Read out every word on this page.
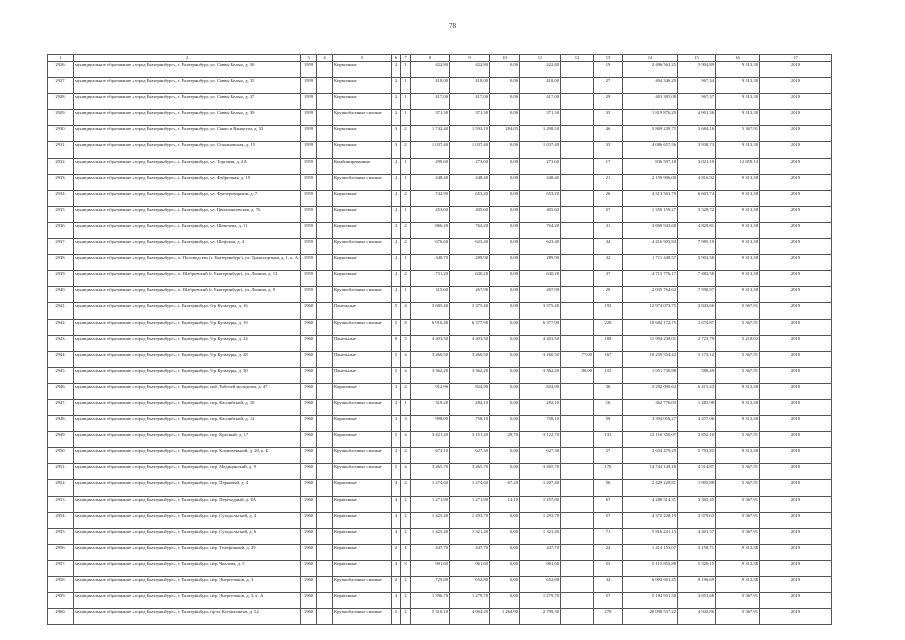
78
1	2	3	4	5	6	7	8	9	10	11	12	13	14	15	16	17
2926.	муниципальное образование «город Екатеринбург», г. Екатеринбург, ул. Саввы Белых, д. 30	1959		Кирпичные	2	1	422,80	422,80	0,00	422,80		19	2 496 562,25	5 904,89	9 313,38	2019
2927.	муниципальное образование «город Екатеринбург», г. Екатеринбург, ул. Саввы Белых, д. 35	1959		Кирпичные	2	1	418,00	418,00	0,00	418,00		27	404 346,29	967,34	9 313,38	2019
2928.	муниципальное образование «город Екатеринбург», г. Екатеринбург, ул. Саввы Белых, д. 37	1959		Кирпичные	2	1	417,00	417,00	0,00	417,00		29	403 395,08	967,37	9 313,38	2019
2929.	муниципальное образование «город Екатеринбург», г. Екатеринбург, ул. Саввы Белых, д. 39	1959		Крупноблочные силикат	2	1	371,30	371,30	0,00	371,30		35	1 819 876,29	4 901,36	9 313,38	2019
2930.	муниципальное образование «город Екатеринбург», г. Екатеринбург, ул. Сакко и Ванцетти, д. 33	1959		Кирпичные	3	2	1 742,40	1 593,10	284,05	1 298,50		46	5 869 239,75	3 684,16	5 367,91	2019
2931.	муниципальное образование «город Екатеринбург», г. Екатеринбург, ул. Стахановская, д. 15	1959		Кирпичные	3	2	1 037,40	1 037,40	0,00	1 037,40		33	4 086 657,56	3 938,73	9 313,38	2019
2932.	муниципальное образование «город Екатеринбург», г. Екатеринбург, ул. Торговая, д. 2А	1959		Комбинированные	2	1	299,60	273,60	0,00	273,60		17	836 597,18	3 021,19	12 859,13	2019
2933.	муниципальное образование «город Екатеринбург», г. Екатеринбург, ул. Фабричная, д. 19	1959		Крупноблочные силикат	2	1	448,40	448,40	0,00	448,40		21	2 159 906,00	4 816,92	9 313,38	2019
2934.	муниципальное образование «город Екатеринбург», г. Екатеринбург, ул. Фрезеровщиков, д. 7	1959		Кирпичные	2	2	742,90	653,20	0,00	653,20		26	4 313 563,79	6 603,74	9 313,38	2019
2935.	муниципальное образование «город Екатеринбург», г. Екатеринбург, ул. Цвиллинговская, д. 76	1959		Кирпичные	2	1	453,60	405,60	0,00	405,60		57	1 350 159,27	3 328,72	9 313,38	2019
2936.	муниципальное образование «город Екатеринбург», г. Екатеринбург, ул. Шевелева, д. 11	1959		Кирпичные	3	2	866,20	764,20	0,00	764,20		31	3 690 943,68	4 829,81	9 313,38	2019
2937.	муниципальное образование «город Екатеринбург», г. Екатеринбург, ул. Шефская, д. 4	1959		Крупноблочные силикат	2	2	676,60	623,40	0,00	623,40		34	4 416 905,84	7 085,19	9 313,38	2019
2938.	муниципальное образование «город Екатеринбург», п. Половодство (г. Екатеринбург), ул. Транспортная, д. 1, к. А	1959		Кирпичные	2	1	340,70	289,90	0,00	289,90		32	1 711 448,57	5 903,58	9 313,38	2019
2939.	муниципальное образование «город Екатеринбург», п. Шабровский (г. Екатеринбург), ул. Ленина, д. 13	1959		Кирпичные	2	2	731,20	630,20	0,00	630,20		37	4 713 776,17	7 482,58	9 313,38	2019
2940.	муниципальное образование «город Екатеринбург», п. Шабровский (г. Екатеринбург), ул. Ленина, д. 9	1959		Крупноблочные силикат	2	1	315,60	267,90	0,00	267,90		20	2 035 764,62	7 598,97	9 313,38	2019
2941.	муниципальное образование «город Екатеринбург», г. Екатеринбург, б-р Культуры, д. 16	1960		Панельные	5	4	3 685,40	3 375,40	0,00	3 375,40		193	12 974 073,75	3 843,66	5 367,91	2019
2942.	муниципальное образование «город Екатеринбург», г. Екатеринбург, б-р Культуры, д. 19	1960		Крупноблочные силикат	5	8	6 910,40	6 377,90	0,00	6 377,90		228	10 682 172,75	1 674,87	5 367,91	2019
2943.	муниципальное образование «город Екатеринбург», г. Екатеринбург, б-р Культуры, д. 24	1960		Панельные	9	5	4 403,50	4 403,50	0,00	4 403,50		188	11 994 238,01	2 723,79	5 218,02	2019
2944.	муниципальное образование «город Екатеринбург», г. Екатеринбург, б-р Культуры, д. 28	1960		Панельные	5	4	3 260,50	3 260,50	0,00	3 260,50	77,00	167	10 259 554,42	3 173,12	5 367,91	2019
2945.	муниципальное образование «город Екатеринбург», г. Екатеринбург, б-р Культуры, д. 30	1960		Панельные	5	4	3 362,20	3 362,20	0,00	3 362,20	80,00	155	1 951 730,88	580,49	5 367,91	2019
2946.	муниципальное образование «город Екатеринбург», г. Екатеринбург, наб. Рабочей молодежи, д. 47	1960		Кирпичные	3	2	912,90	824,90	0,00	824,90		36	5 292 090,62	6 415,43	9 313,38	2019
2947.	муниципальное образование «город Екатеринбург», г. Екатеринбург, пер. Каспийский, д. 10	1960		Крупноблочные силикат	2	1	319,20	282,10	0,00	282,10		16	362 776,03	1 285,98	9 313,38	2019
2948.	муниципальное образование «город Екатеринбург», г. Екатеринбург, пер. Каспийский, д. 12	1960		Кирпичные	3	3	998,00	758,10	0,00	758,10		59	3 394 056,27	4 477,06	9 313,38	2019
2949.	муниципальное образование «город Екатеринбург», г. Екатеринбург, пер. Красный, д. 17	1960		Кирпичные	5	4	3 421,40	3 151,40	28,70	3 122,70		133	12 116 350,07	3 852,10	5 367,91	2019
2950.	муниципальное образование «город Екатеринбург», г. Екатеринбург, пер. Кленовенький, д. 20, к. Б	1960		Крупноблочные силикат	2	2	674,10	627,30	0,00	627,30		27	3 634 479,29	5 793,85	9 313,38	2019
2951.	муниципальное образование «город Екатеринбург», г. Екатеринбург, пер. Медицинский, д. 9	1960		Крупноблочные силикат	5	4	3 265,70	3 265,70	0,00	3 265,70		170	14 744 149,18	4 514,87	5 367,91	2019
2952.	муниципальное образование «город Екатеринбург», г. Екатеринбург, пер. Парковый, д. 4	1960		Кирпичные	4	2	1 274,60	1 274,60	67,20	1 207,40		56	2 429 228,81	1 905,88	5 367,91	2019
2953.	муниципальное образование «город Екатеринбург», г. Екатеринбург, пер. Переходный, д. 8А	1960		Кирпичные	4	2	1 271,90	1 271,90	14,10	1 257,80		67	4 280 514,31	3 365,45	5 367,91	2019
2954.	муниципальное образование «город Екатеринбург», г. Екатеринбург, пер. Суходольский, д. 4	1960		Кирпичные	4	2	1 425,40	1 293,70	0,00	1 293,70		57	4 372 228,19	3 379,63	5 367,91	2019
2955.	муниципальное образование «город Екатеринбург», г. Екатеринбург, пер. Суходольский, д. 6	1960		Кирпичные	4	2	1 425,40	1 321,40	0,00	1 321,40		71	5 816 241,13	4 401,57	5 367,91	2019
2956.	муниципальное образование «город Екатеринбург», г. Екатеринбург, пер. Телефонный, д. 29	1960		Кирпичные	2	1	447,70	447,70	0,00	447,70		24	1 414 153,07	3 158,71	9 313,38	2019
2957.	муниципальное образование «город Екатеринбург», г. Екатеринбург, пер. Чкалова, д. 5	1960		Кирпичные	3	3	981,60	961,60	0,00	961,60		53	5 115 853,88	5 320,15	9 313,38	2019
2958.	муниципальное образование «город Екатеринбург», г. Екатеринбург, пер. Энергетиков, д. 3	1960		Крупноблочные силикат	2	2	729,80	652,80	0,00	652,80		32	6 003 601,45	9 196,69	9 313,38	2019
2959.	муниципальное образование «город Екатеринбург», г. Екатеринбург, пер. Энергетиков, д. 5, к. А	1960		Кирпичные	4	2	1 396,70	1 279,70	0,00	1 279,70		57	5 184 931,50	4 051,68	5 367,91	2019
2960.	муниципальное образование «город Екатеринбург», г. Екатеринбург, пр-кт Космонавтов, д. 52	1960		Крупноблочные силикат	5	2	5 310,10	4 064,20	1 264,90	2 799,30		278	20 098 537,22	4 942,86	5 367,91	2019
